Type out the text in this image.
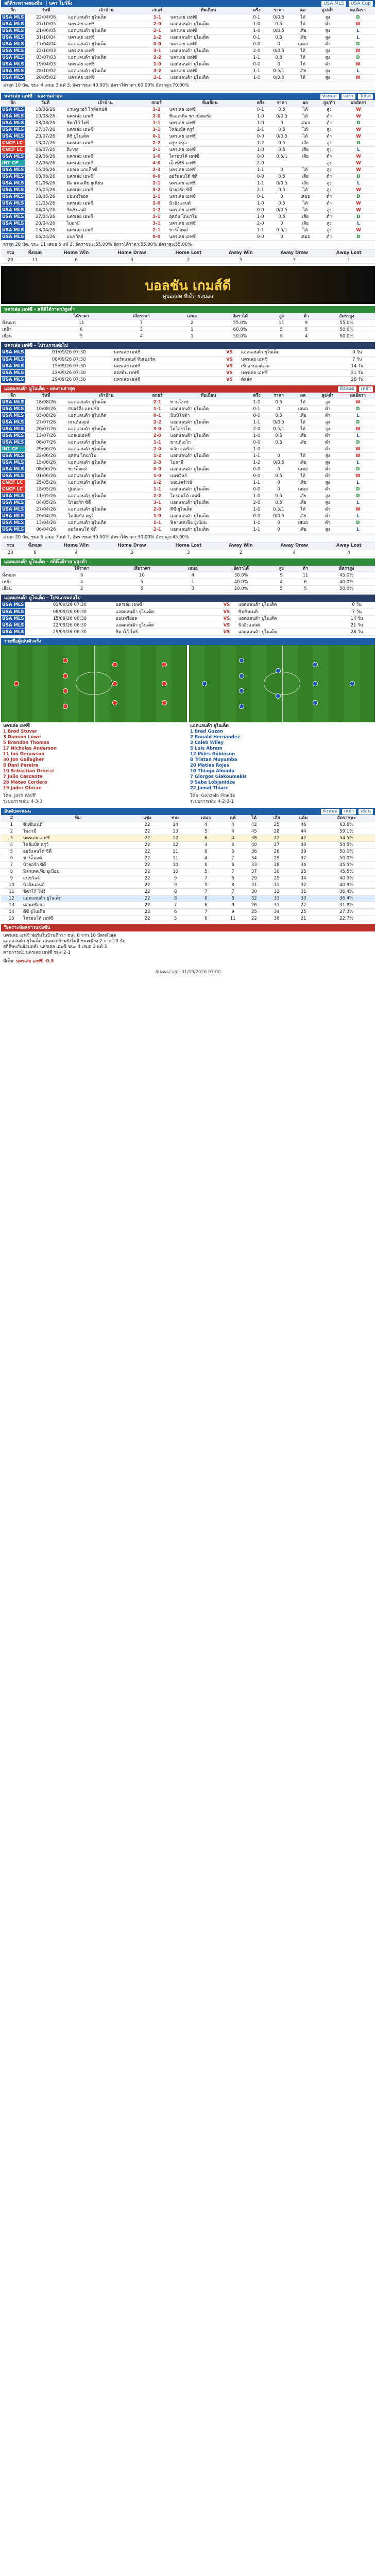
สถิติระหว่างสองทีม  | นคร โบว์ลิ่ง	USA MLS USA Cup
ลีก	วันที่	เจ้าบ้าน	สกอร์	ทีมเยือน	ครึ่ง	ราคา	ผล	สูง/ต่ำ	ผลอัตรา
USA MLS	22/04/06	แอตแลนต้า ยูไนเต็ด	1-1	นครเล่ย เอฟซี	0-1	0/0.5	ได้	สูง	D
USA MLS	27/10/05	นครเล่ย เอฟซี	2-0	แอตแลนต้า ยูไนเต็ด	1-0	0.5	ได้	ต่ำ	W
USA MLS	21/06/05	แอตแลนต้า ยูไนเต็ด	2-1	นครเล่ย เอฟซี	1-0	0/0.5	เสีย	สูง	L
USA MLS	31/10/04	นครเล่ย เอฟซี	1-2	แอตแลนต้า ยูไนเต็ด	0-1	0.5	เสีย	สูง	L
USA MLS	17/04/04	แอตแลนต้า ยูไนเต็ด	0-0	นครเล่ย เอฟซี	0-0	0	เสมอ	ต่ำ	D
USA MLS	22/10/03	นครเล่ย เอฟซี	3-1	แอตแลนต้า ยูไนเต็ด	2-0	0/0.5	ได้	สูง	W
USA MLS	03/07/03	แอตแลนต้า ยูไนเต็ด	2-2	นครเล่ย เอฟซี	1-1	0.5	ได้	สูง	D
USA MLS	19/04/03	นครเล่ย เอฟซี	1-0	แอตแลนต้า ยูไนเต็ด	0-0	0	ได้	ต่ำ	W
USA MLS	28/10/02	แอตแลนต้า ยูไนเต็ด	3-2	นครเล่ย เอฟซี	1-1	0.5/1	เสีย	สูง	L
USA MLS	20/05/02	นครเล่ย เอฟซี	2-1	แอตแลนต้า ยูไนเต็ด	1-0	0/0.5	ได้	สูง	W
ล่าสุด 10 นัด, ชนะ 4 เสมอ 3 แพ้ 3, อัตราชนะ:40.00% อัตราได้ราคา:60.00% อัตราสูง:70.00%
นครเล่ย เอฟซี - ผลงานล่าสุด	ทั้งหมด เหย้า Total
ลีก	วันที่	เจ้าบ้าน	สกอร์	ทีมเยือน	ครึ่ง	ราคา	ผล	สูง/ต่ำ	ผลอัตรา
USA MLS	18/08/26	แวนคูเวอร์ ไวท์แคปส์	1-2	นครเล่ย เอฟซี	0-1	0.5	ได้	สูง	W
USA MLS	10/08/26	นครเล่ย เอฟซี	2-0	ซีแอตเทิล ซาวน์เดอร์ส	1-0	0/0.5	ได้	ต่ำ	W
USA MLS	03/08/26	ชิคาโก้ ไฟร์	1-1	นครเล่ย เอฟซี	1-0	0	เสมอ	ต่ำ	D
USA MLS	27/07/26	นครเล่ย เอฟซี	3-1	โคลัมบัส ครูว์	2-1	0.5	ได้	สูง	W
USA MLS	20/07/26	ดีซี ยูไนเต็ด	0-1	นครเล่ย เอฟซี	0-0	0/0.5	ได้	ต่ำ	W
CNCF LC	13/07/26	นครเล่ย เอฟซี	2-2	ครูซ อซูล	1-2	0.5	เสีย	สูง	D
CNCF LC	06/07/26	ติเกรส	2-1	นครเล่ย เอฟซี	1-0	0.5	เสีย	สูง	L
USA MLS	29/06/26	นครเล่ย เอฟซี	1-0	โตรอนโต้ เอฟซี	0-0	0.5/1	เสีย	ต่ำ	W
INT CF	22/06/26	นครเล่ย เอฟซี	4-0	เอ็กซ์ซีร์ เอฟซี	2-0			สูง	W
USA MLS	15/06/26	แอลเอ แกแล็กซี่	2-3	นครเล่ย เอฟซี	1-1	0	ได้	สูง	W
USA MLS	08/06/26	นครเล่ย เอฟซี	0-0	ออร์แลนโด้ ซิตี้	0-0	0.5	เสีย	ต่ำ	D
USA MLS	01/06/26	ฟิลาเดลเฟีย ยูเนียน	2-1	นครเล่ย เอฟซี	1-1	0/0.5	เสีย	สูง	L
USA MLS	25/05/26	นครเล่ย เอฟซี	3-2	นิวยอร์ก ซิตี้	2-1	0.5	ได้	สูง	W
USA MLS	18/05/26	มอนทรีออล	1-1	นครเล่ย เอฟซี	0-1	0	เสมอ	ต่ำ	D
USA MLS	11/05/26	นครเล่ย เอฟซี	2-0	นิวอิงแลนด์	1-0	0.5	ได้	ต่ำ	W
USA MLS	04/05/26	ซินซินเนติ	1-2	นครเล่ย เอฟซี	0-0	0/0.5	ได้	สูง	W
USA MLS	27/04/26	นครเล่ย เอฟซี	1-1	ฮุสตัน ไดนาโม	1-0	0.5	เสีย	ต่ำ	D
USA MLS	20/04/26	ไมอามี่	3-1	นครเล่ย เอฟซี	2-0	0	เสีย	สูง	L
USA MLS	13/04/26	นครเล่ย เอฟซี	2-1	ชาร์ล็อตต์	1-1	0.5/1	ได้	สูง	W
USA MLS	06/04/26	แนชวิลล์	0-0	นครเล่ย เอฟซี	0-0	0	เสมอ	ต่ำ	D
ล่าสุด 20 นัด, ชนะ 11 เสมอ 6 แพ้ 3, อัตราชนะ:55.00% อัตราได้ราคา:55.00% อัตราสูง:55.00%
รวม	ทั้งหมด	Home Win	Home Draw	Home Lost	Away Win	Away Draw	Away Lost
20	11	6	3	2	5	3	1
บอลชัน เกมส์ดี
ดูบอลสด ทีเด็ด ผลบอล
นครเล่ย เอฟซี - สถิติได้ราคา/สูงต่ำ
	ได้ราคา	เสียราคา	เสมอ	อัตราได้	สูง	ต่ำ	อัตราสูง
ทั้งหมด	11	7	2	55.0%	11	9	55.0%
เหย้า	6	3	1	60.0%	5	5	50.0%
เยือน	5	4	1	50.0%	6	4	60.0%
นครเล่ย เอฟซี - โปรแกรมต่อไป
USA MLS	01/09/26 07:30	นครเล่ย เอฟซี	VS	แอตแลนต้า ยูไนเต็ด	0 วัน
USA MLS	08/09/26 07:30	พอร์ตแลนด์ ทิมเบอร์ส	VS	นครเล่ย เอฟซี	7 วัน
USA MLS	15/09/26 07:30	นครเล่ย เอฟซี	VS	เรียล ซอลต์เลค	14 วัน
USA MLS	22/09/26 07:30	ออสติน เอฟซี	VS	นครเล่ย เอฟซี	21 วัน
USA MLS	29/09/26 07:30	นครเล่ย เอฟซี	VS	ดัลลัส	28 วัน
แอตแลนต้า ยูไนเต็ด - ผลงานล่าสุด	ทั้งหมด เหย้า
ลีก	วันที่	เจ้าบ้าน	สกอร์	ทีมเยือน	ครึ่ง	ราคา	ผล	สูง/ต่ำ	ผลอัตรา
USA MLS	18/08/26	แอตแลนต้า ยูไนเต็ด	2-1	ซานโฮเซ่	1-0	0.5	ได้	สูง	W
USA MLS	10/08/26	สปอร์ติ้ง แคนซัส	1-1	แอตแลนต้า ยูไนเต็ด	0-1	0	เสมอ	ต่ำ	D
USA MLS	03/08/26	แอตแลนต้า ยูไนเต็ด	0-1	มินนิโซต้า	0-0	0.5	เสีย	ต่ำ	L
USA MLS	27/07/26	เซนต์หลุยส์	2-2	แอตแลนต้า ยูไนเต็ด	1-1	0/0.5	ได้	สูง	D
USA MLS	20/07/26	แอตแลนต้า ยูไนเต็ด	3-0	โคโลราโด	2-0	0.5/1	ได้	สูง	W
USA MLS	13/07/26	แอลเอเอฟซี	2-0	แอตแลนต้า ยูไนเต็ด	1-0	0.5	เสีย	ต่ำ	L
USA MLS	06/07/26	แอตแลนต้า ยูไนเต็ด	1-1	ซานดิเอโก	0-0	0.5	เสีย	ต่ำ	D
INT CF	29/06/26	แอตแลนต้า ยูไนเต็ด	2-0	คลับ อเมริกา	1-0			ต่ำ	W
USA MLS	22/06/26	ฮุสตัน ไดนาโม	1-2	แอตแลนต้า ยูไนเต็ด	1-1	0	ได้	สูง	W
USA MLS	15/06/26	แอตแลนต้า ยูไนเต็ด	2-3	ไมอามี่	1-2	0/0.5	เสีย	สูง	L
USA MLS	08/06/26	ชาร์ล็อตต์	0-0	แอตแลนต้า ยูไนเต็ด	0-0	0	เสมอ	ต่ำ	D
USA MLS	01/06/26	แอตแลนต้า ยูไนเต็ด	1-0	แนชวิลล์	0-0	0.5	ได้	ต่ำ	W
CNCF LC	25/05/26	แอตแลนต้า ยูไนเต็ด	1-2	มอนเตร์เรย์	1-1	0	เสีย	สูง	L
CNCF LC	18/05/26	ปูเอบลา	1-1	แอตแลนต้า ยูไนเต็ด	0-0	0	เสมอ	ต่ำ	D
USA MLS	11/05/26	แอตแลนต้า ยูไนเต็ด	2-2	โตรอนโต้ เอฟซี	1-0	0.5	เสีย	สูง	D
USA MLS	04/05/26	นิวยอร์ก ซิตี้	3-1	แอตแลนต้า ยูไนเต็ด	2-0	0.5	เสีย	สูง	L
USA MLS	27/04/26	แอตแลนต้า ยูไนเต็ด	2-0	ดีซี ยูไนเต็ด	1-0	0.5/1	ได้	ต่ำ	W
USA MLS	20/04/26	โคลัมบัส ครูว์	1-0	แอตแลนต้า ยูไนเต็ด	0-0	0/0.5	เสีย	ต่ำ	L
USA MLS	13/04/26	แอตแลนต้า ยูไนเต็ด	1-1	ฟิลาเดลเฟีย ยูเนียน	1-0	0	เสมอ	ต่ำ	D
USA MLS	06/04/26	ออร์แลนโด้ ซิตี้	2-1	แอตแลนต้า ยูไนเต็ด	1-1	0	เสีย	สูง	L
ล่าสุด 20 นัด, ชนะ 6 เสมอ 7 แพ้ 7, อัตราชนะ:30.00% อัตราได้ราคา:30.00% อัตราสูง:45.00%
รวม	ทั้งหมด	Home Win	Home Draw	Home Lost	Away Win	Away Draw	Away Lost
20	6	4	3	3	2	4	4
แอตแลนต้า ยูไนเต็ด - สถิติได้ราคา/สูงต่ำ
	ได้ราคา	เสียราคา	เสมอ	อัตราได้	สูง	ต่ำ	อัตราสูง
ทั้งหมด	6	10	4	30.0%	9	11	45.0%
เหย้า	4	5	1	40.0%	4	6	40.0%
เยือน	2	5	3	20.0%	5	5	50.0%
แอตแลนต้า ยูไนเต็ด - โปรแกรมต่อไป
USA MLS	01/09/26 07:30	นครเล่ย เอฟซี	VS	แอตแลนต้า ยูไนเต็ด	0 วัน
USA MLS	08/09/26 06:30	แอตแลนต้า ยูไนเต็ด	VS	ซินซินเนติ	7 วัน
USA MLS	15/09/26 06:30	มอนทรีออล	VS	แอตแลนต้า ยูไนเต็ด	14 วัน
USA MLS	22/09/26 06:30	แอตแลนต้า ยูไนเต็ด	VS	นิวอิงแลนด์	21 วัน
USA MLS	29/09/26 06:30	ชิคาโก้ ไฟร์	VS	แอตแลนต้า ยูไนเต็ด	28 วัน
รายชื่อผู้เล่นตัวจริง
นครเล่ย เอฟซี
1 Brad Stuver
3 Damion Lowe
5 Brandon Thomas
17 Nicholas Anderson
11 Ian Gerowson
30 Jon Gallagher
8 Dani Pereira
10 Sebastian Driussi
7 Julio Cascante
26 Mateo Cordero
19 Jader Obrian
แอตแลนต้า ยูไนเต็ด
1 Brad Guzan
2 Ronald Hernandez
3 Caleb Wiley
5 Luis Abram
12 Miles Robinson
8 Tristan Muyumba
20 Matias Rojas
10 Thiago Almada
7 Giorgos Giakoumakis
9 Saba Lobjanidze
22 Jamal Thiare
โค้ช: Josh Wolff
ระบบการเล่น: 4-3-3
โค้ช: Gonzalo Pineda
ระบบการเล่น: 4-2-3-1
อันดับคะแนน	ทั้งหมด เหย้า เยือน
#	ทีม	แข่ง	ชนะ	เสมอ	แพ้	ได้	เสีย	แต้ม	อัตราชนะ
1	ซินซินเนติ	22	14	4	4	42	25	46	63.6%
2	ไมอามี่	22	13	5	4	45	28	44	59.1%
3	นครเล่ย เอฟซี	22	12	6	4	38	22	42	54.5%
4	โคลัมบัส ครูว์	22	12	4	6	40	27	40	54.5%
5	ออร์แลนโด้ ซิตี้	22	11	6	5	36	26	39	50.0%
6	ชาร์ล็อตต์	22	11	4	7	34	29	37	50.0%
7	นิวยอร์ก ซิตี้	22	10	6	6	33	28	36	45.5%
8	ฟิลาเดลเฟีย ยูเนียน	22	10	5	7	37	30	35	45.5%
9	แนชวิลล์	22	9	7	6	29	25	34	40.9%
10	นิวอิงแลนด์	22	9	5	8	31	31	32	40.9%
11	ชิคาโก้ ไฟร์	22	8	7	7	30	32	31	36.4%
12	แอตแลนต้า ยูไนเต็ด	22	8	6	8	32	33	30	36.4%
13	มอนทรีออล	22	7	6	9	26	33	27	31.8%
14	ดีซี ยูไนเต็ด	22	6	7	9	25	34	25	27.3%
15	โตรอนโต้ เอฟซี	22	5	6	11	22	36	21	22.7%
วิเคราะห์ผลการแข่งขัน
นครเล่ย เอฟซี ฟอร์มในบ้านดีกว่า ชนะ 6 จาก 10 นัดหลังสุด
แอตแลนต้า ยูไนเต็ด เล่นนอกบ้านยังไม่ดี ชนะเพียง 2 จาก 10 นัด
สถิติพบกันย้อนหลัง นครเล่ย เอฟซี ชนะ 4 เสมอ 3 แพ้ 3
คาดการณ์: นครเล่ย เอฟซี ชนะ 2-1
ทีเด็ด: นครเล่ย เอฟซี -0.5
อัปเดตล่าสุด: 01/09/2026 07:00
